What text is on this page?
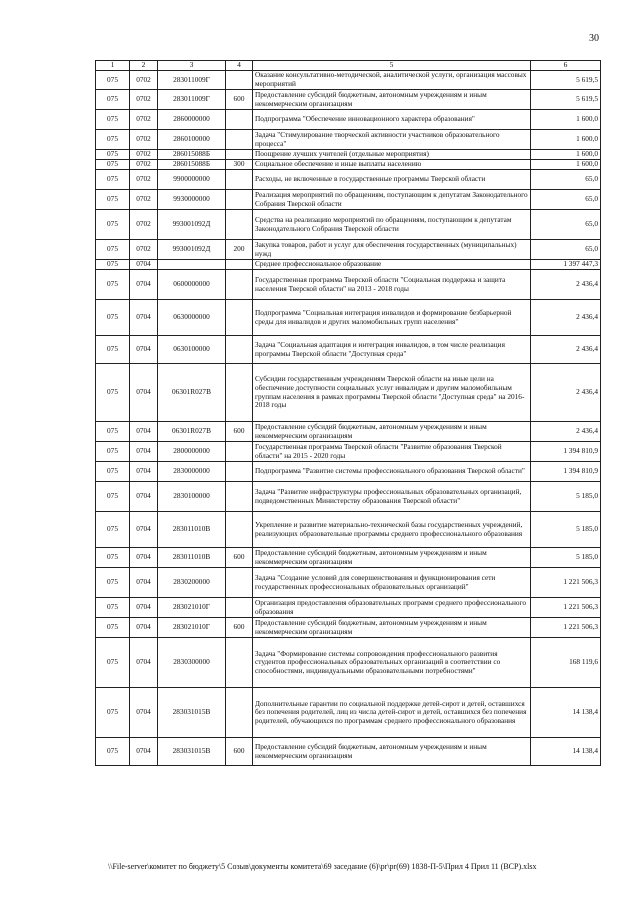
30
1	2	3	4	5	6
075	0702	283011009Г		Оказание консультативно-методической, аналитической услуги, организация массовых мероприятий	5 619,5
075	0702	283011009Г	600	Предоставление субсидий бюджетным, автономным учреждениям и иным некоммерческим организациям	5 619,5
075	0702	2860000000		Подпрограмма "Обеспечение инновационного характера образования"	1 600,0
075	0702	2860100000		Задача "Стимулирование творческой активности участников образовательного процесса"	1 600,0
075	0702	286015088Б		Поощрение лучших учителей (отдельные мероприятия)	1 600,0
075	0702	286015088Б	300	Социальное обеспечение и иные выплаты населению	1 600,0
075	0702	9900000000		Расходы, не включенные в государственные программы Тверской области	65,0
075	0702	9930000000		Реализация мероприятий по обращениям, поступающим к депутатам Законодательного Собрания Тверской области	65,0
075	0702	993001092Д		Средства на реализацию мероприятий по обращениям, поступающим к депутатам Законодательного Собрания Тверской области	65,0
075	0702	993001092Д	200	Закупка товаров, работ и услуг для обеспечения государственных (муниципальных) нужд	65,0
075	0704			Среднее профессиональное образование	1 397 447,3
075	0704	0600000000		Государственная программа Тверской области "Социальная поддержка и защита населения Тверской области" на 2013 - 2018 годы	2 436,4
075	0704	0630000000		Подпрограмма "Социальная интеграция инвалидов и формирование безбарьерной среды для инвалидов и других маломобильных групп населения"	2 436,4
075	0704	0630100000		Задача "Социальная адаптация и интеграция инвалидов, в том числе реализация программы Тверской области "Доступная среда"	2 436,4
075	0704	06301R027В		Субсидии государственным учреждениям Тверской области на иные цели на обеспечение доступности социальных услуг инвалидам и другим маломобильным группам населения в рамках программы Тверской области "Доступная среда" на 2016-2018 годы	2 436,4
075	0704	06301R027В	600	Предоставление субсидий бюджетным, автономным учреждениям и иным некоммерческим организациям	2 436,4
075	0704	2800000000		Государственная программа Тверской области "Развитие образования Тверской области" на 2015 - 2020 годы	1 394 810,9
075	0704	2830000000		Подпрограмма "Развитие системы профессионального образования Тверской области"	1 394 810,9
075	0704	2830100000		Задача "Развитие инфраструктуры профессиональных образовательных организаций, подведомственных Министерству образования Тверской области"	5 185,0
075	0704	283011010В		Укрепление и развитие материально-технической базы государственных учреждений, реализующих образовательные программы среднего профессионального образования	5 185,0
075	0704	283011010В	600	Предоставление субсидий бюджетным, автономным учреждениям и иным некоммерческим организациям	5 185,0
075	0704	2830200000		Задача "Создание условий для совершенствования и функционирования сети государственных профессиональных образовательных организаций"	1 221 506,3
075	0704	283021010Г		Организация предоставления образовательных программ среднего профессионального образования	1 221 506,3
075	0704	283021010Г	600	Предоставление субсидий бюджетным, автономным учреждениям и иным некоммерческим организациям	1 221 506,3
075	0704	2830300000		Задача "Формирование системы сопровождения профессионального развития студентов профессиональных образовательных организаций в соответствии со способностями, индивидуальными образовательными потребностями"	168 119,6
075	0704	283031015В		Дополнительные гарантии по социальной поддержке детей-сирот и детей, оставшихся без попечения родителей, лиц из числа детей-сирот и детей, оставшихся без попечения родителей, обучающихся по программам среднего профессионального образования	14 138,4
075	0704	283031015В	600	Предоставление субсидий бюджетным, автономным учреждениям и иным некоммерческим организациям	14 138,4
\\File-server\комитет по бюджету\5 Созыв\документы комитета\69 заседание (6)\pr\pr(69) 1838-П-5\Прил 4 Прил 11 (ВСР).xlsx
